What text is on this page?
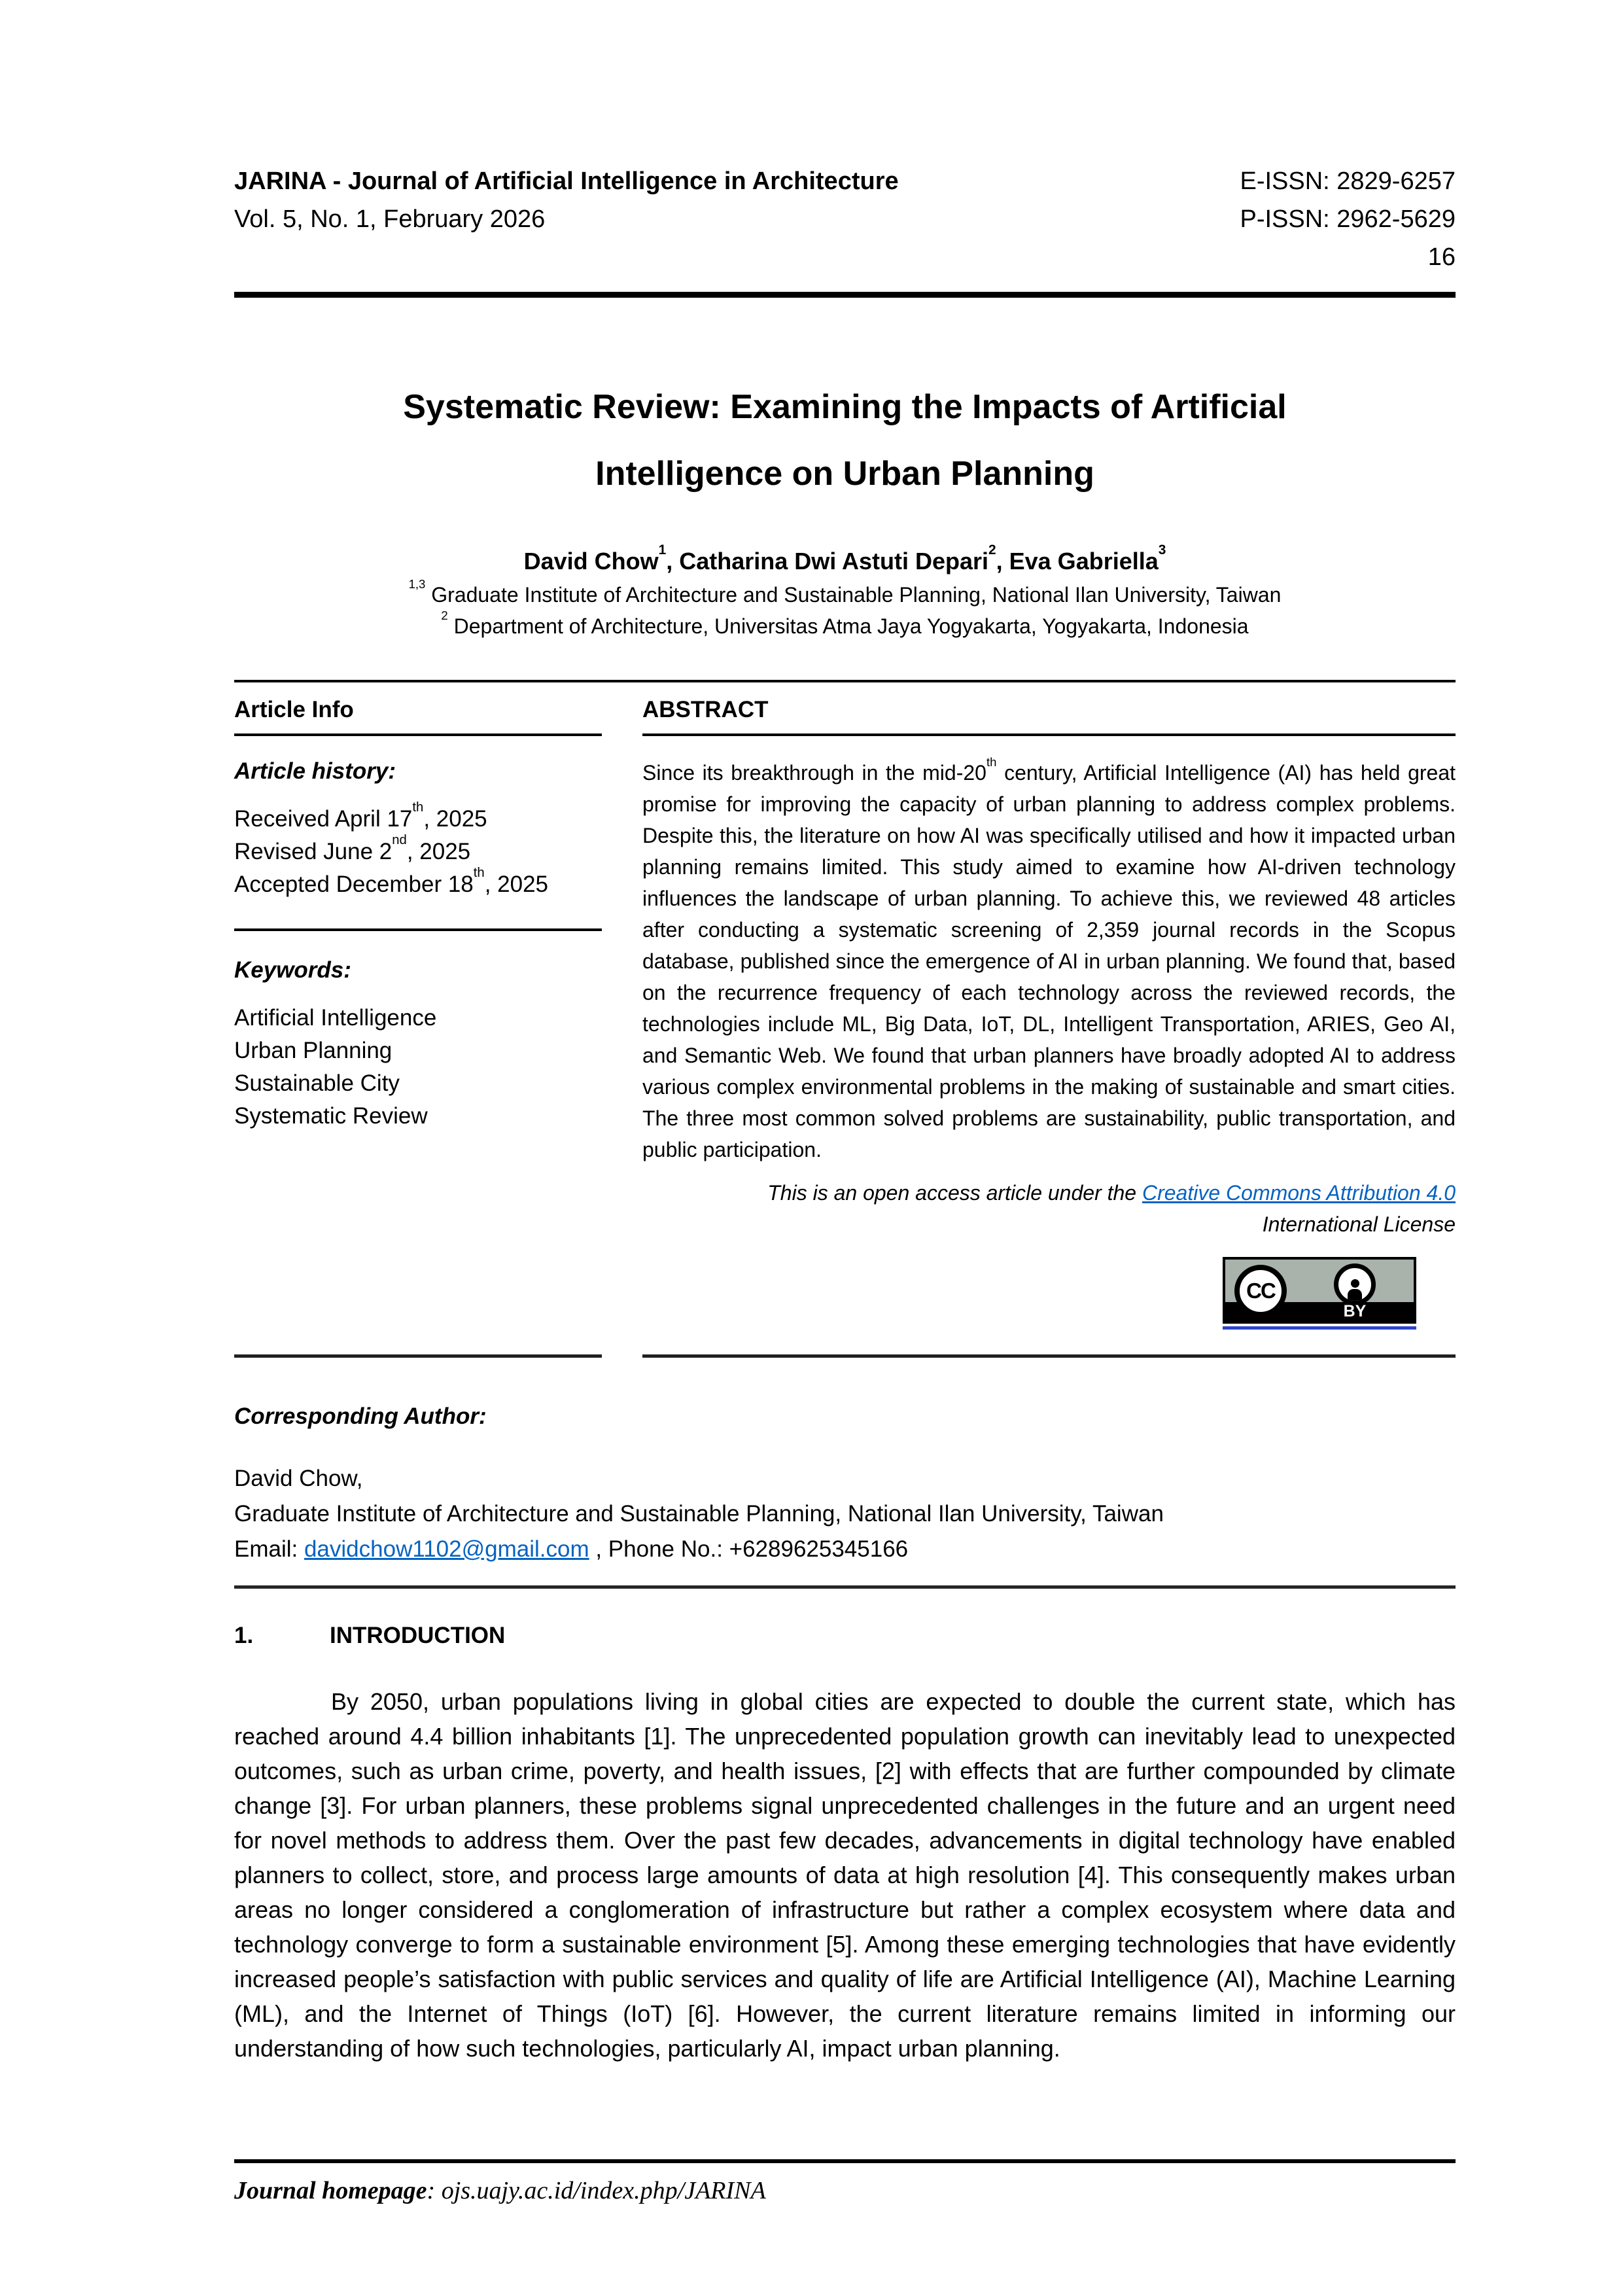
JARINA - Journal of Artificial Intelligence in Architecture	E-ISSN: 2829-6257
Vol. 5, No. 1, February 2026	P-ISSN: 2962-5629
16
Systematic Review: Examining the Impacts of Artificial
Intelligence on Urban Planning
David Chow$^1$, Catharina Dwi Astuti Depari$^2$, Eva Gabriella$^3$
$^{1,3}$ Graduate Institute of Architecture and Sustainable Planning, National Ilan University, Taiwan
$^2$ Department of Architecture, Universitas Atma Jaya Yogyakarta, Yogyakarta, Indonesia
Article Info	ABSTRACT
Article history:
Received April 17th, 2025
Revised June 2nd, 2025
Accepted December 18th, 2025
Keywords:
Artificial Intelligence
Urban Planning
Sustainable City
Systematic Review

Since its breakthrough in the mid-20th century, Artificial Intelligence (AI) has held great promise for improving the capacity of urban planning to address complex problems. Despite this, the literature on how AI was specifically utilised and how it impacted urban planning remains limited. This study aimed to examine how AI-driven technology influences the landscape of urban planning. To achieve this, we reviewed 48 articles after conducting a systematic screening of 2,359 journal records in the Scopus database, published since the emergence of AI in urban planning. We found that, based on the recurrence frequency of each technology across the reviewed records, the technologies include ML, Big Data, IoT, DL, Intelligent Transportation, ARIES, Geo AI, and Semantic Web. We found that urban planners have broadly adopted AI to address various complex environmental problems in the making of sustainable and smart cities. The three most common solved problems are sustainability, public transportation, and public participation.

This is an open access article under the Creative Commons Attribution 4.0
International License

CC
BY
Corresponding Author:
David Chow,
Graduate Institute of Architecture and Sustainable Planning, National Ilan University, Taiwan
Email: davidchow1102@gmail.com , Phone No.: +6289625345166
1.	INTRODUCTION

By 2050, urban populations living in global cities are expected to double the current state, which has reached around 4.4 billion inhabitants [1]. The unprecedented population growth can inevitably lead to unexpected outcomes, such as urban crime, poverty, and health issues, [2] with effects that are further compounded by climate change [3]. For urban planners, these problems signal unprecedented challenges in the future and an urgent need for novel methods to address them. Over the past few decades, advancements in digital technology have enabled planners to collect, store, and process large amounts of data at high resolution [4]. This consequently makes urban areas no longer considered a conglomeration of infrastructure but rather a complex ecosystem where data and technology converge to form a sustainable environment [5]. Among these emerging technologies that have evidently increased people’s satisfaction with public services and quality of life are Artificial Intelligence (AI), Machine Learning (ML), and the Internet of Things (IoT) [6]. However, the current literature remains limited in informing our understanding of how such technologies, particularly AI, impact urban planning.

Journal homepage: ojs.uajy.ac.id/index.php/JARINA
